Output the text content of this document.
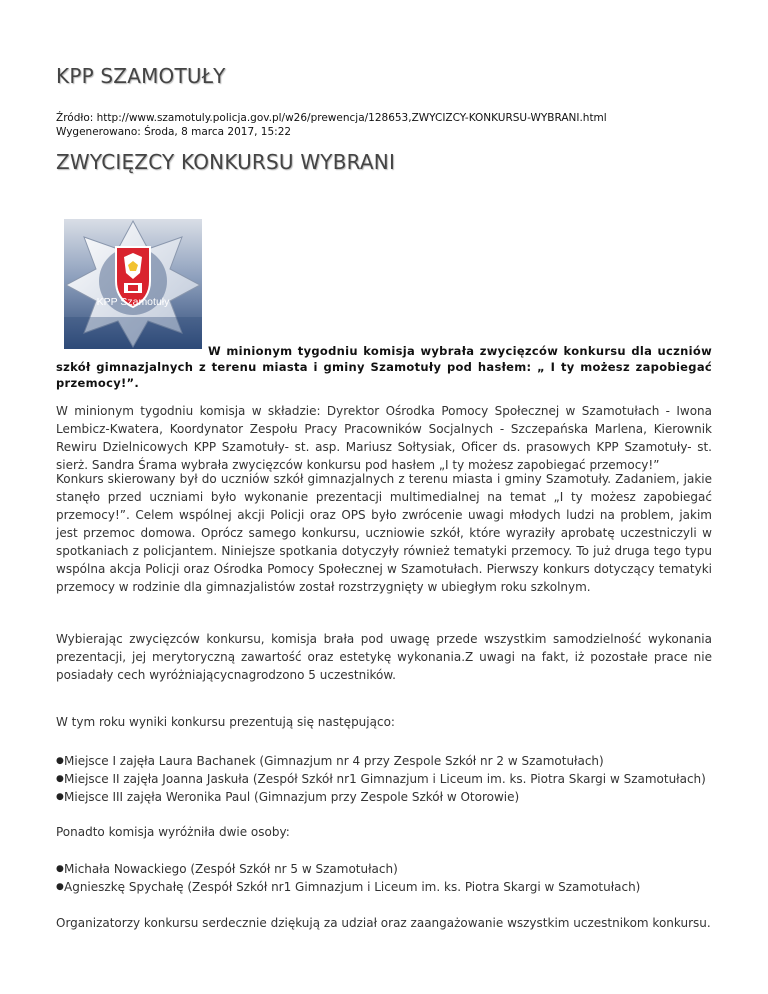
KPP SZAMOTUŁY
Źródło: http://www.szamotuly.policja.gov.pl/w26/prewencja/128653,ZWYCIZCY-KONKURSU-WYBRANI.html
Wygenerowano: Środa, 8 marca 2017, 15:22
ZWYCIĘZCY KONKURSU WYBRANI
KPP Szamotuły

W minionym tygodniu komisja wybrała zwycięzców konkursu dla uczniów szkół gimnazjalnych z terenu miasta i gminy Szamotuły pod hasłem: „ I ty możesz zapobiegać przemocy!”.

W minionym tygodniu komisja w składzie: Dyrektor Ośrodka Pomocy Społecznej w Szamotułach - Iwona Lembicz-Kwatera, Koordynator Zespołu Pracy Pracowników Socjalnych - Szczepańska Marlena, Kierownik Rewiru Dzielnicowych KPP Szamotuły- st. asp. Mariusz Sołtysiak, Oficer ds. prasowych KPP Szamotuły- st. sierż. Sandra Śrama wybrała zwycięzców konkursu pod hasłem „I ty możesz zapobiegać przemocy!”

Konkurs skierowany był do uczniów szkół gimnazjalnych z terenu miasta i gminy Szamotuły. Zadaniem, jakie stanęło przed uczniami było wykonanie prezentacji multimedialnej na temat „I ty możesz zapobiegać przemocy!”. Celem wspólnej akcji Policji oraz OPS było zwrócenie uwagi młodych ludzi na problem, jakim jest przemoc domowa. Oprócz samego konkursu, uczniowie szkół, które wyraziły aprobatę uczestniczyli w spotkaniach z policjantem. Niniejsze spotkania dotyczyły również tematyki przemocy. To już druga tego typu wspólna akcja Policji oraz Ośrodka Pomocy Społecznej w Szamotułach. Pierwszy konkurs dotyczący tematyki przemocy w rodzinie dla gimnazjalistów został rozstrzygnięty w ubiegłym roku szkolnym.

Wybierając zwycięzców konkursu, komisja brała pod uwagę przede wszystkim samodzielność wykonania prezentacji, jej merytoryczną zawartość oraz estetykę wykonania.Z uwagi na fakt, iż pozostałe prace nie posiadały cech wyróżniającycnagrodzono 5 uczestników.

W tym roku wyniki konkursu prezentują się następująco:

● Miejsce I zajęła Laura Bachanek (Gimnazjum nr 4 przy Zespole Szkół nr 2 w Szamotułach)
● Miejsce II zajęła Joanna Jaskuła (Zespół Szkół nr1 Gimnazjum i Liceum im. ks. Piotra Skargi w Szamotułach)
● Miejsce III zajęła Weronika Paul (Gimnazjum przy Zespole Szkół w Otorowie)

Ponadto komisja wyróżniła dwie osoby:

● Michała Nowackiego (Zespół Szkół nr 5 w Szamotułach)
● Agnieszkę Spychałę (Zespół Szkół nr1 Gimnazjum i Liceum im. ks. Piotra Skargi w Szamotułach)

Organizatorzy konkursu serdecznie dziękują za udział oraz zaangażowanie wszystkim uczestnikom konkursu.
